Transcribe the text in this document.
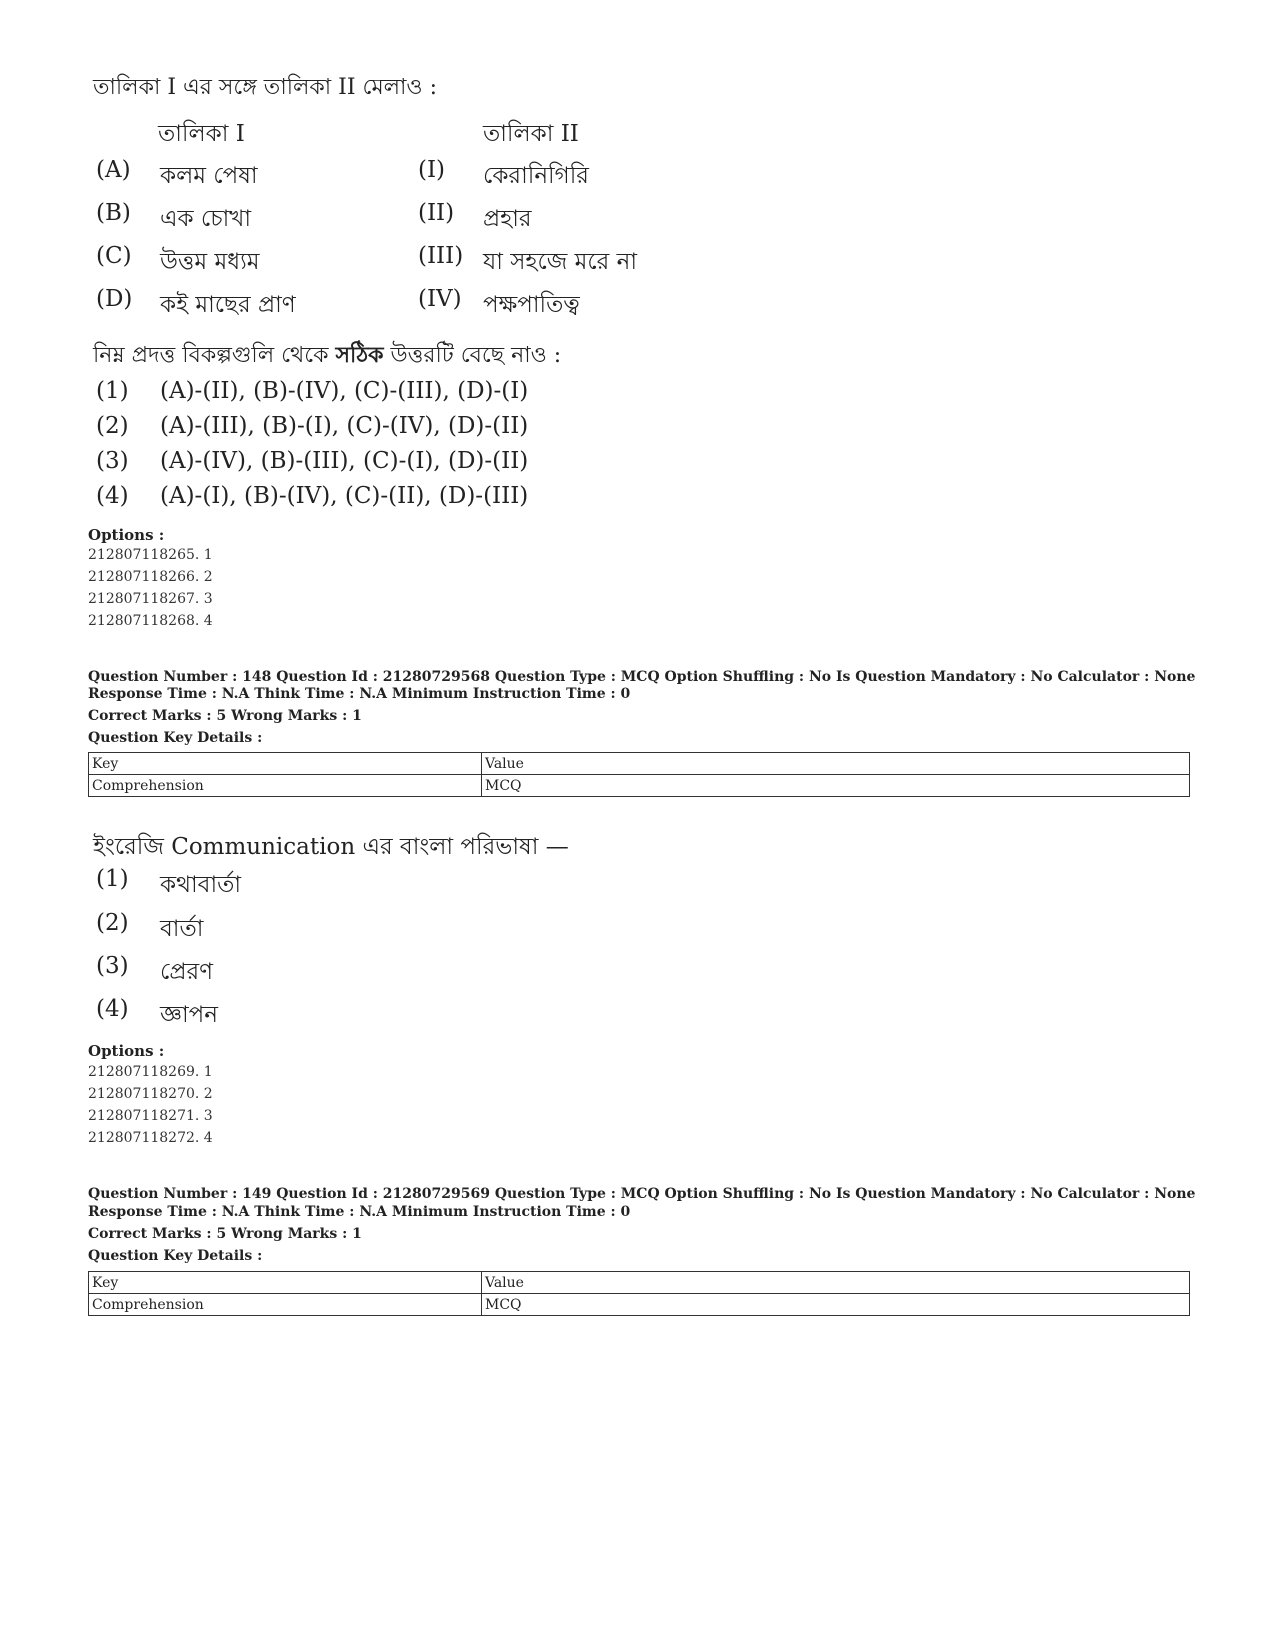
তালিকা I এর সঙ্গে তালিকা II মেলাও :
তালিকা I	তালিকা II
(A) কলম পেষা	(I) কেরানিগিরি
(B) এক চোখা	(II) প্রহার
(C) উত্তম মধ্যম	(III) যা সহজে মরে না
(D) কই মাছের প্রাণ	(IV) পক্ষপাতিত্ব
নিম্ন প্রদত্ত বিকল্পগুলি থেকে সঠিক উত্তরটি বেছে নাও :
(1) (A)-(II), (B)-(IV), (C)-(III), (D)-(I)
(2) (A)-(III), (B)-(I), (C)-(IV), (D)-(II)
(3) (A)-(IV), (B)-(III), (C)-(I), (D)-(II)
(4) (A)-(I), (B)-(IV), (C)-(II), (D)-(III)
Options :
212807118265. 1
212807118266. 2
212807118267. 3
212807118268. 4
Question Number : 148 Question Id : 21280729568 Question Type : MCQ Option Shuffling : No Is Question Mandatory : No Calculator : None
Response Time : N.A Think Time : N.A Minimum Instruction Time : 0
Correct Marks : 5 Wrong Marks : 1
Question Key Details :
Key	Value
Comprehension	MCQ
ইংরেজি Communication এর বাংলা পরিভাষা —
(1) কথাবার্তা
(2) বার্তা
(3) প্রেরণ
(4) জ্ঞাপন
Options :
212807118269. 1
212807118270. 2
212807118271. 3
212807118272. 4
Question Number : 149 Question Id : 21280729569 Question Type : MCQ Option Shuffling : No Is Question Mandatory : No Calculator : None
Response Time : N.A Think Time : N.A Minimum Instruction Time : 0
Correct Marks : 5 Wrong Marks : 1
Question Key Details :
Key	Value
Comprehension	MCQ
